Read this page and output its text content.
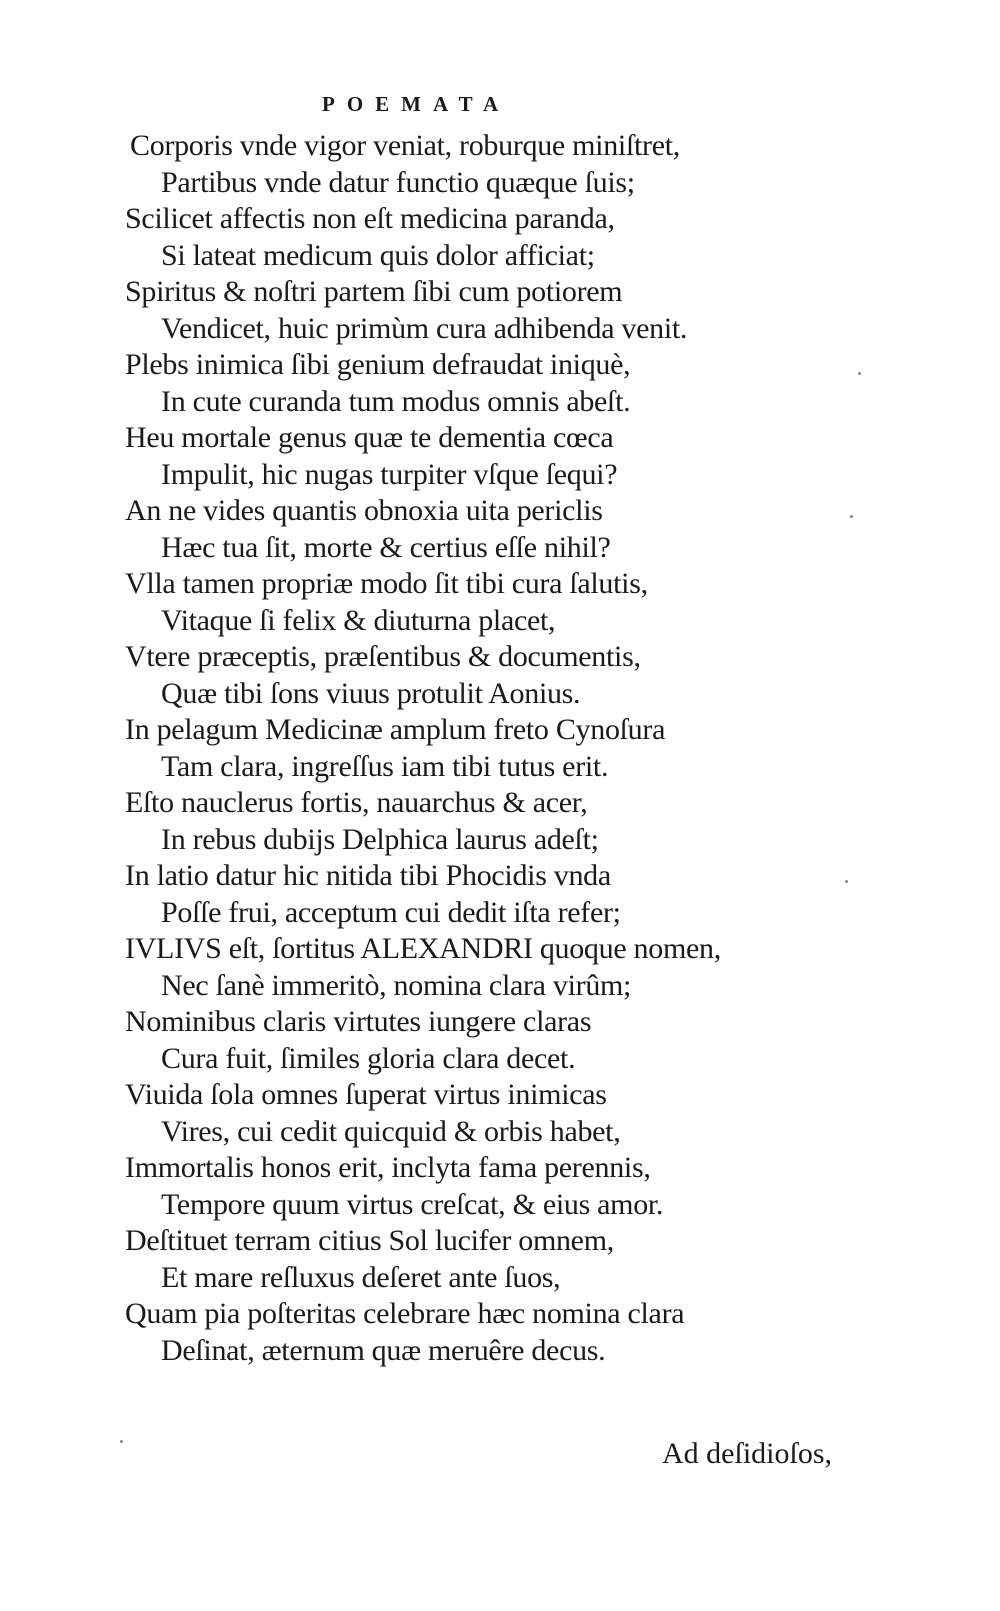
POEMATA
Corporis vnde vigor veniat, roburque miniſtret,
Partibus vnde datur functio quæque ſuis;
Scilicet affectis non eſt medicina paranda,
Si lateat medicum quis dolor afficiat;
Spiritus & noſtri partem ſibi cum potiorem
Vendicet, huic primùm cura adhibenda venit.
Plebs inimica ſibi genium defraudat iniquè,
In cute curanda tum modus omnis abeſt.
Heu mortale genus quæ te dementia cœca
Impulit, hic nugas turpiter vſque ſequi?
An ne vides quantis obnoxia uita periclis
Hæc tua ſit, morte & certius eſſe nihil?
Vlla tamen propriæ modo ſit tibi cura ſalutis,
Vitaque ſi felix & diuturna placet,
Vtere præceptis, præſentibus & documentis,
Quæ tibi ſons viuus protulit Aonius.
In pelagum Medicinæ amplum freto Cynoſura
Tam clara, ingreſſus iam tibi tutus erit.
Eſto nauclerus fortis, nauarchus & acer,
In rebus dubijs Delphica laurus adeſt;
In latio datur hic nitida tibi Phocidis vnda
Poſſe frui, acceptum cui dedit iſta refer;
IVLIVS eſt, ſortitus ALEXANDRI quoque nomen,
Nec ſanè immeritò, nomina clara virûm;
Nominibus claris virtutes iungere claras
Cura fuit, ſimiles gloria clara decet.
Viuida ſola omnes ſuperat virtus inimicas
Vires, cui cedit quicquid & orbis habet,
Immortalis honos erit, inclyta fama perennis,
Tempore quum virtus creſcat, & eius amor.
Deſtituet terram citius Sol lucifer omnem,
Et mare reſluxus deſeret ante ſuos,
Quam pia poſteritas celebrare hæc nomina clara
Deſinat, æternum quæ meruêre decus.
Ad deſidioſos,
